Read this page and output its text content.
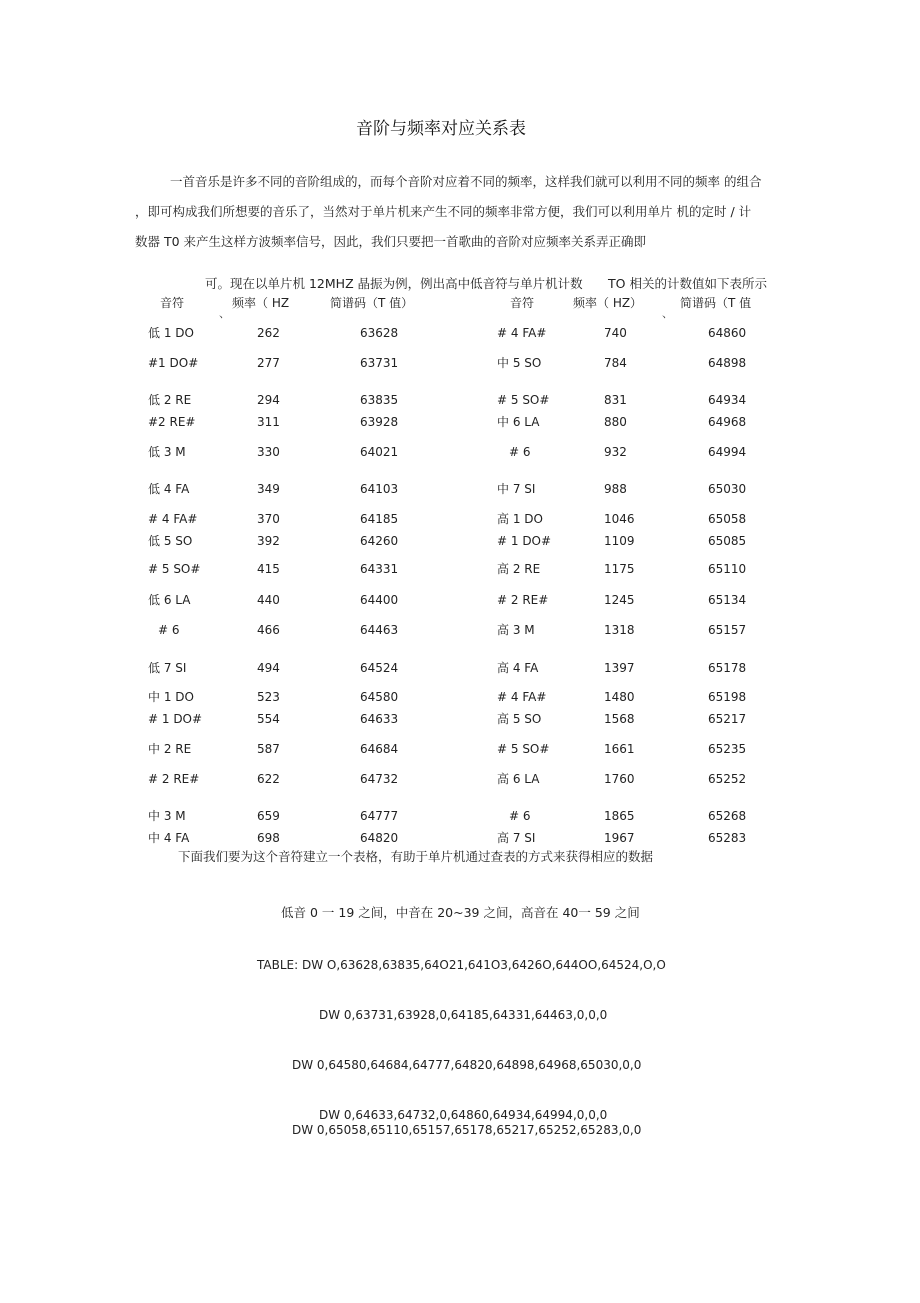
音阶与频率对应关系表
一首音乐是许多不同的音阶组成的，而每个音阶对应着不同的频率，这样我们就可以利用不同的频率 的组合
，即可构成我们所想要的音乐了，当然对于单片机来产生不同的频率非常方便，我们可以利用单片 机的定时 / 计
数器 T0 来产生这样方波频率信号，因此，我们只要把一首歌曲的音阶对应频率关系弄正确即
可。现在以单片机 12MHZ 晶振为例，例出高中低音符与单片机计数 TO 相关的计数值如下表所示
音符	频率（ HZ	简谱码（T 值）	音符	频率（ HZ）	简谱码（T 值
、	、
低 1 DO	262	63628	# 4 FA#	740	64860
#1 DO#	277	63731	中 5 SO	784	64898
低 2 RE	294	63835	# 5 SO#	831	64934
#2 RE#	311	63928	中 6 LA	880	64968
低 3 M	330	64021	# 6	932	64994
低 4 FA	349	64103	中 7 SI	988	65030
# 4 FA#	370	64185	高 1 DO	1046	65058
低 5 SO	392	64260	# 1 DO#	1109	65085
# 5 SO#	415	64331	高 2 RE	1175	65110
低 6 LA	440	64400	# 2 RE#	1245	65134
# 6	466	64463	高 3 M	1318	65157
低 7 SI	494	64524	高 4 FA	1397	65178
中 1 DO	523	64580	# 4 FA#	1480	65198
# 1 DO#	554	64633	高 5 SO	1568	65217
中 2 RE	587	64684	# 5 SO#	1661	65235
# 2 RE#	622	64732	高 6 LA	1760	65252
中 3 M	659	64777	# 6	1865	65268
中 4 FA	698	64820	高 7 SI	1967	65283
下面我们要为这个音符建立一个表格，有助于单片机通过查表的方式来获得相应的数据
低音 0 一 19 之间，中音在 20~39 之间，高音在 40一 59 之间
TABLE: DW O,63628,63835,64O21,641O3,6426O,644OO,64524,O,O
DW 0,63731,63928,0,64185,64331,64463,0,0,0
DW 0,64580,64684,64777,64820,64898,64968,65030,0,0
DW 0,64633,64732,0,64860,64934,64994,0,0,0
DW 0,65058,65110,65157,65178,65217,65252,65283,0,0
